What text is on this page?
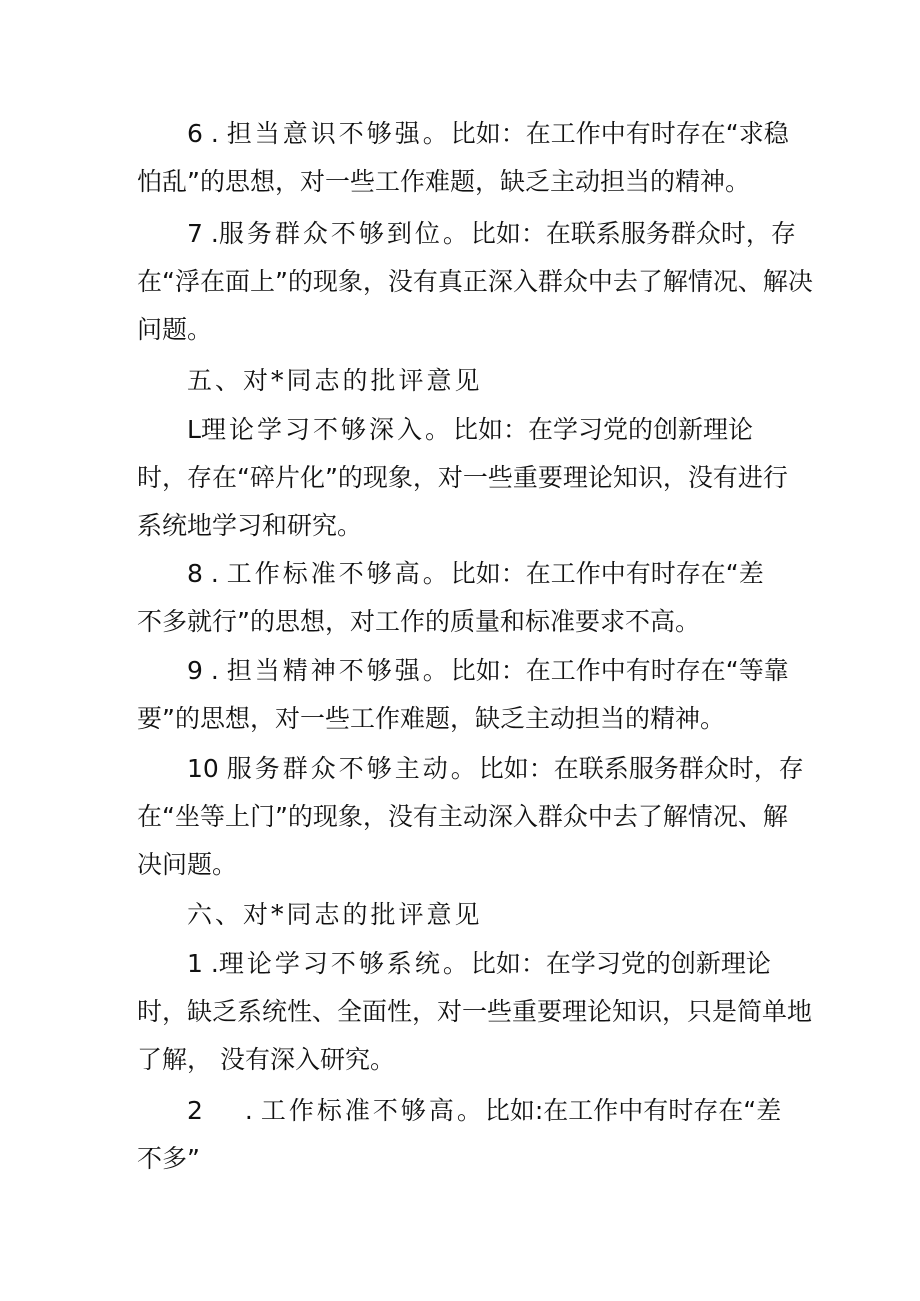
6 . 担当意识不够强。比如：在工作中有时存在“求稳
怕乱”的思想，对一些工作难题，缺乏主动担当的精神。
7 .服务群众不够到位。比如：在联系服务群众时，存
在“浮在面上”的现象，没有真正深入群众中去了解情况、解决
问题。
五、对*同志的批评意见
L理论学习不够深入。比如：在学习党的创新理论
时，存在“碎片化”的现象，对一些重要理论知识，没有进行
系统地学习和研究。
8 . 工作标准不够高。比如：在工作中有时存在“差
不多就行”的思想，对工作的质量和标准要求不高。
9 . 担当精神不够强。比如：在工作中有时存在“等靠
要”的思想，对一些工作难题，缺乏主动担当的精神。
10 服务群众不够主动。比如：在联系服务群众时，存
在“坐等上门”的现象，没有主动深入群众中去了解情况、解
决问题。
六、对*同志的批评意见
1 .理论学习不够系统。比如：在学习党的创新理论
时，缺乏系统性、全面性，对一些重要理论知识，只是简单地
了解， 没有深入研究。
2 . 工作标准不够高。比如:在工作中有时存在“差
不多”
